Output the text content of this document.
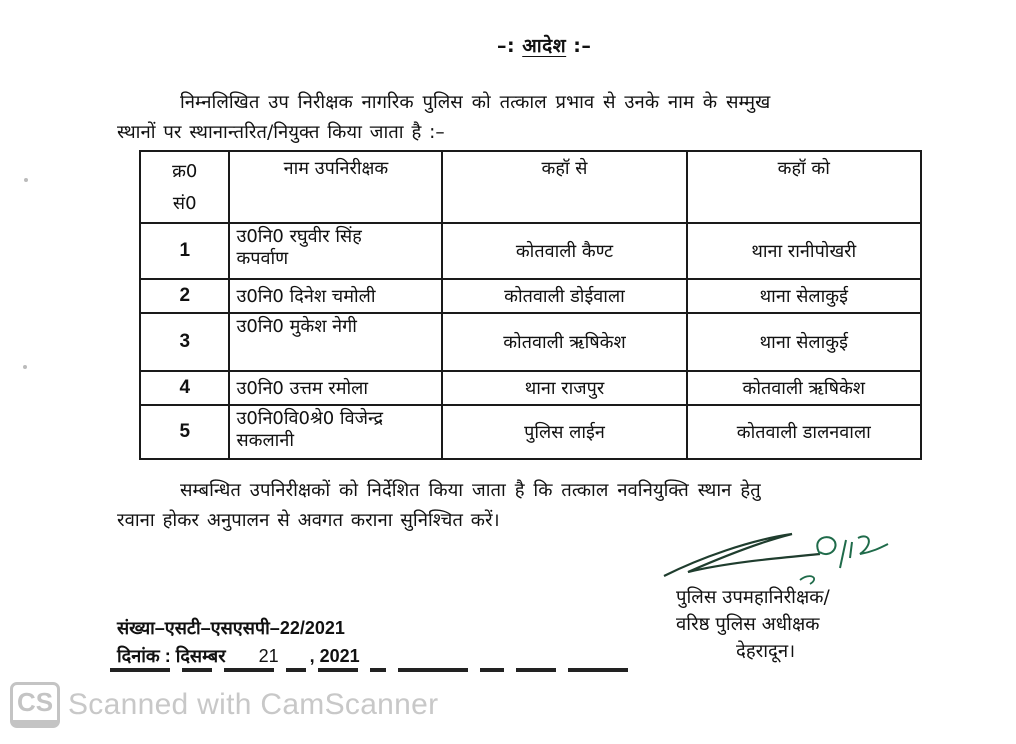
–: आदेश :–
निम्नलिखित उप निरीक्षक नागरिक पुलिस को तत्काल प्रभाव से उनके नाम के सम्मुख
स्थानों पर स्थानान्तरित/नियुक्त किया जाता है :–
क्र0
सं0	नाम उपनिरीक्षक	कहॉ से	कहॉ को
1	उ0नि0 रघुवीर सिंह
कपर्वाण	कोतवाली कैण्ट	थाना रानीपोखरी
2	उ0नि0 दिनेश चमोली	कोतवाली डोईवाला	थाना सेलाकुई
3	उ0नि0 मुकेश नेगी	कोतवाली ऋषिकेश	थाना सेलाकुई
4	उ0नि0 उत्तम रमोला	थाना राजपुर	कोतवाली ऋषिकेश
5	उ0नि0वि0श्रे0 विजेन्द्र
सकलानी	पुलिस लाईन	कोतवाली डालनवाला
सम्बन्धित उपनिरीक्षकों को निर्देशित किया जाता है कि तत्काल नवनियुक्ति स्थान हेतु
रवाना होकर अनुपालन से अवगत कराना सुनिश्चित करें।
पुलिस उपमहानिरीक्षक/
वरिष्ठ पुलिस अधीक्षक
देहरादून।
संख्या–एसटी–एसएसपी–22/2021
दिनांक : दिसम्बर 21 , 2021
CS Scanned with CamScanner
